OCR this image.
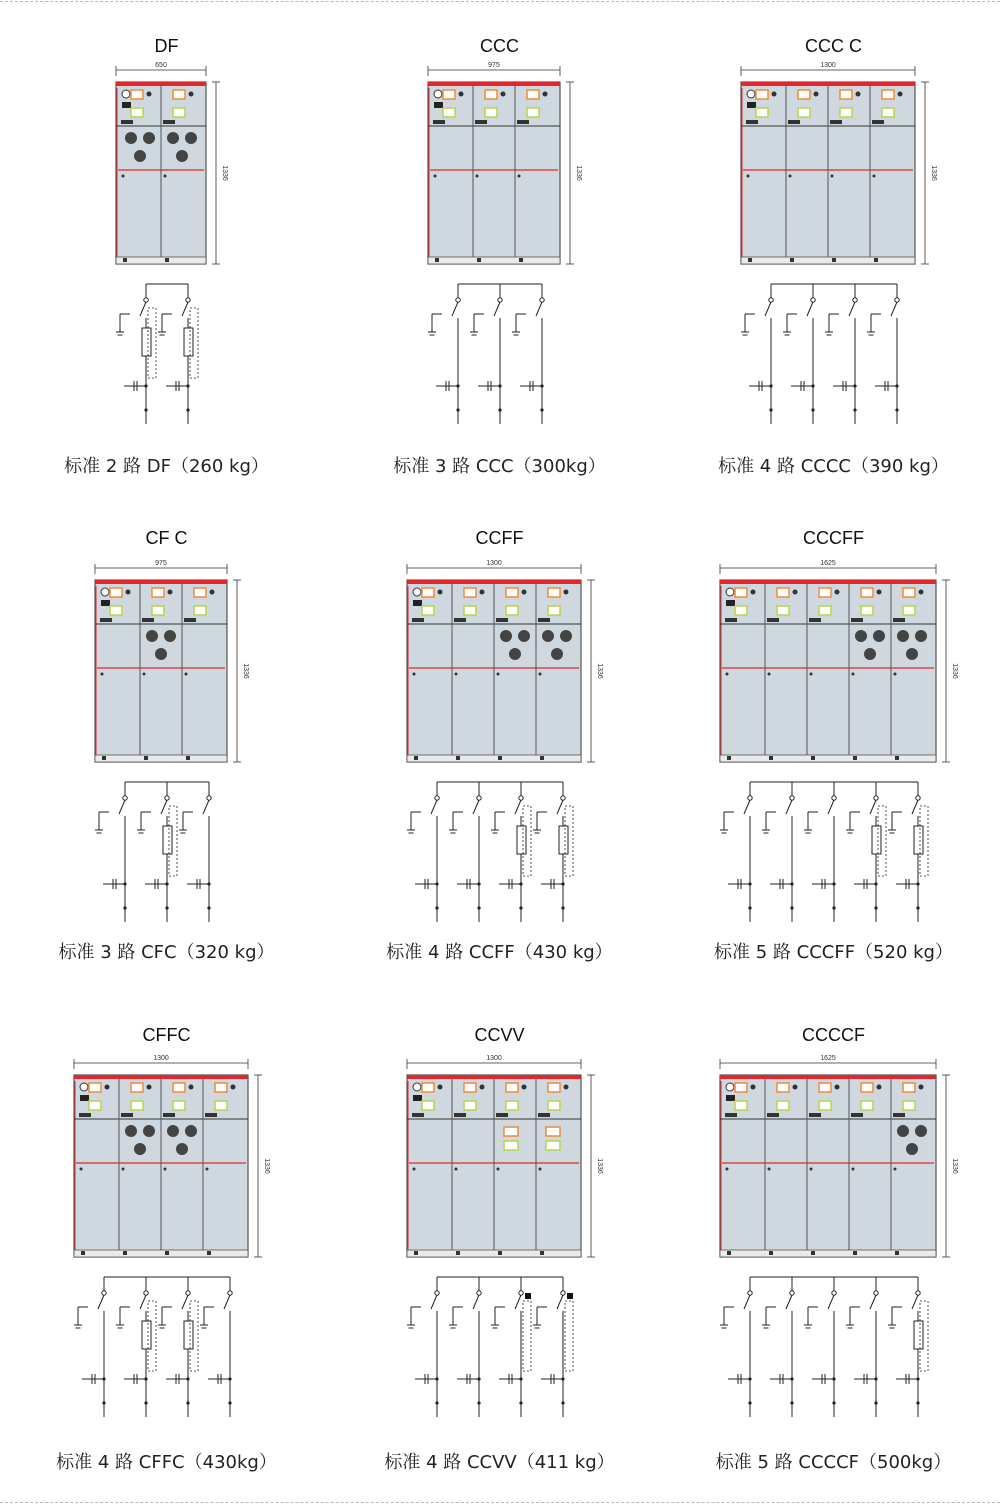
650
1336
DF
标准 2 路 DF（260 kg）
975
1336
CCC
标准 3 路 CCC（300kg）
1300
1336
CCC C
标准 4 路 CCCC（390 kg）
975
1336
CF C
标准 3 路 CFC（320 kg）
1300
1336
CCFF
标准 4 路 CCFF（430 kg）
1625
1336
CCCFF
标准 5 路 CCCFF（520 kg）
1300
1336
CFFC
标准 4 路 CFFC（430kg）
1300
1336
CCVV
标准 4 路 CCVV（411 kg）
1625
1336
CCCCF
标准 5 路 CCCCF（500kg）
